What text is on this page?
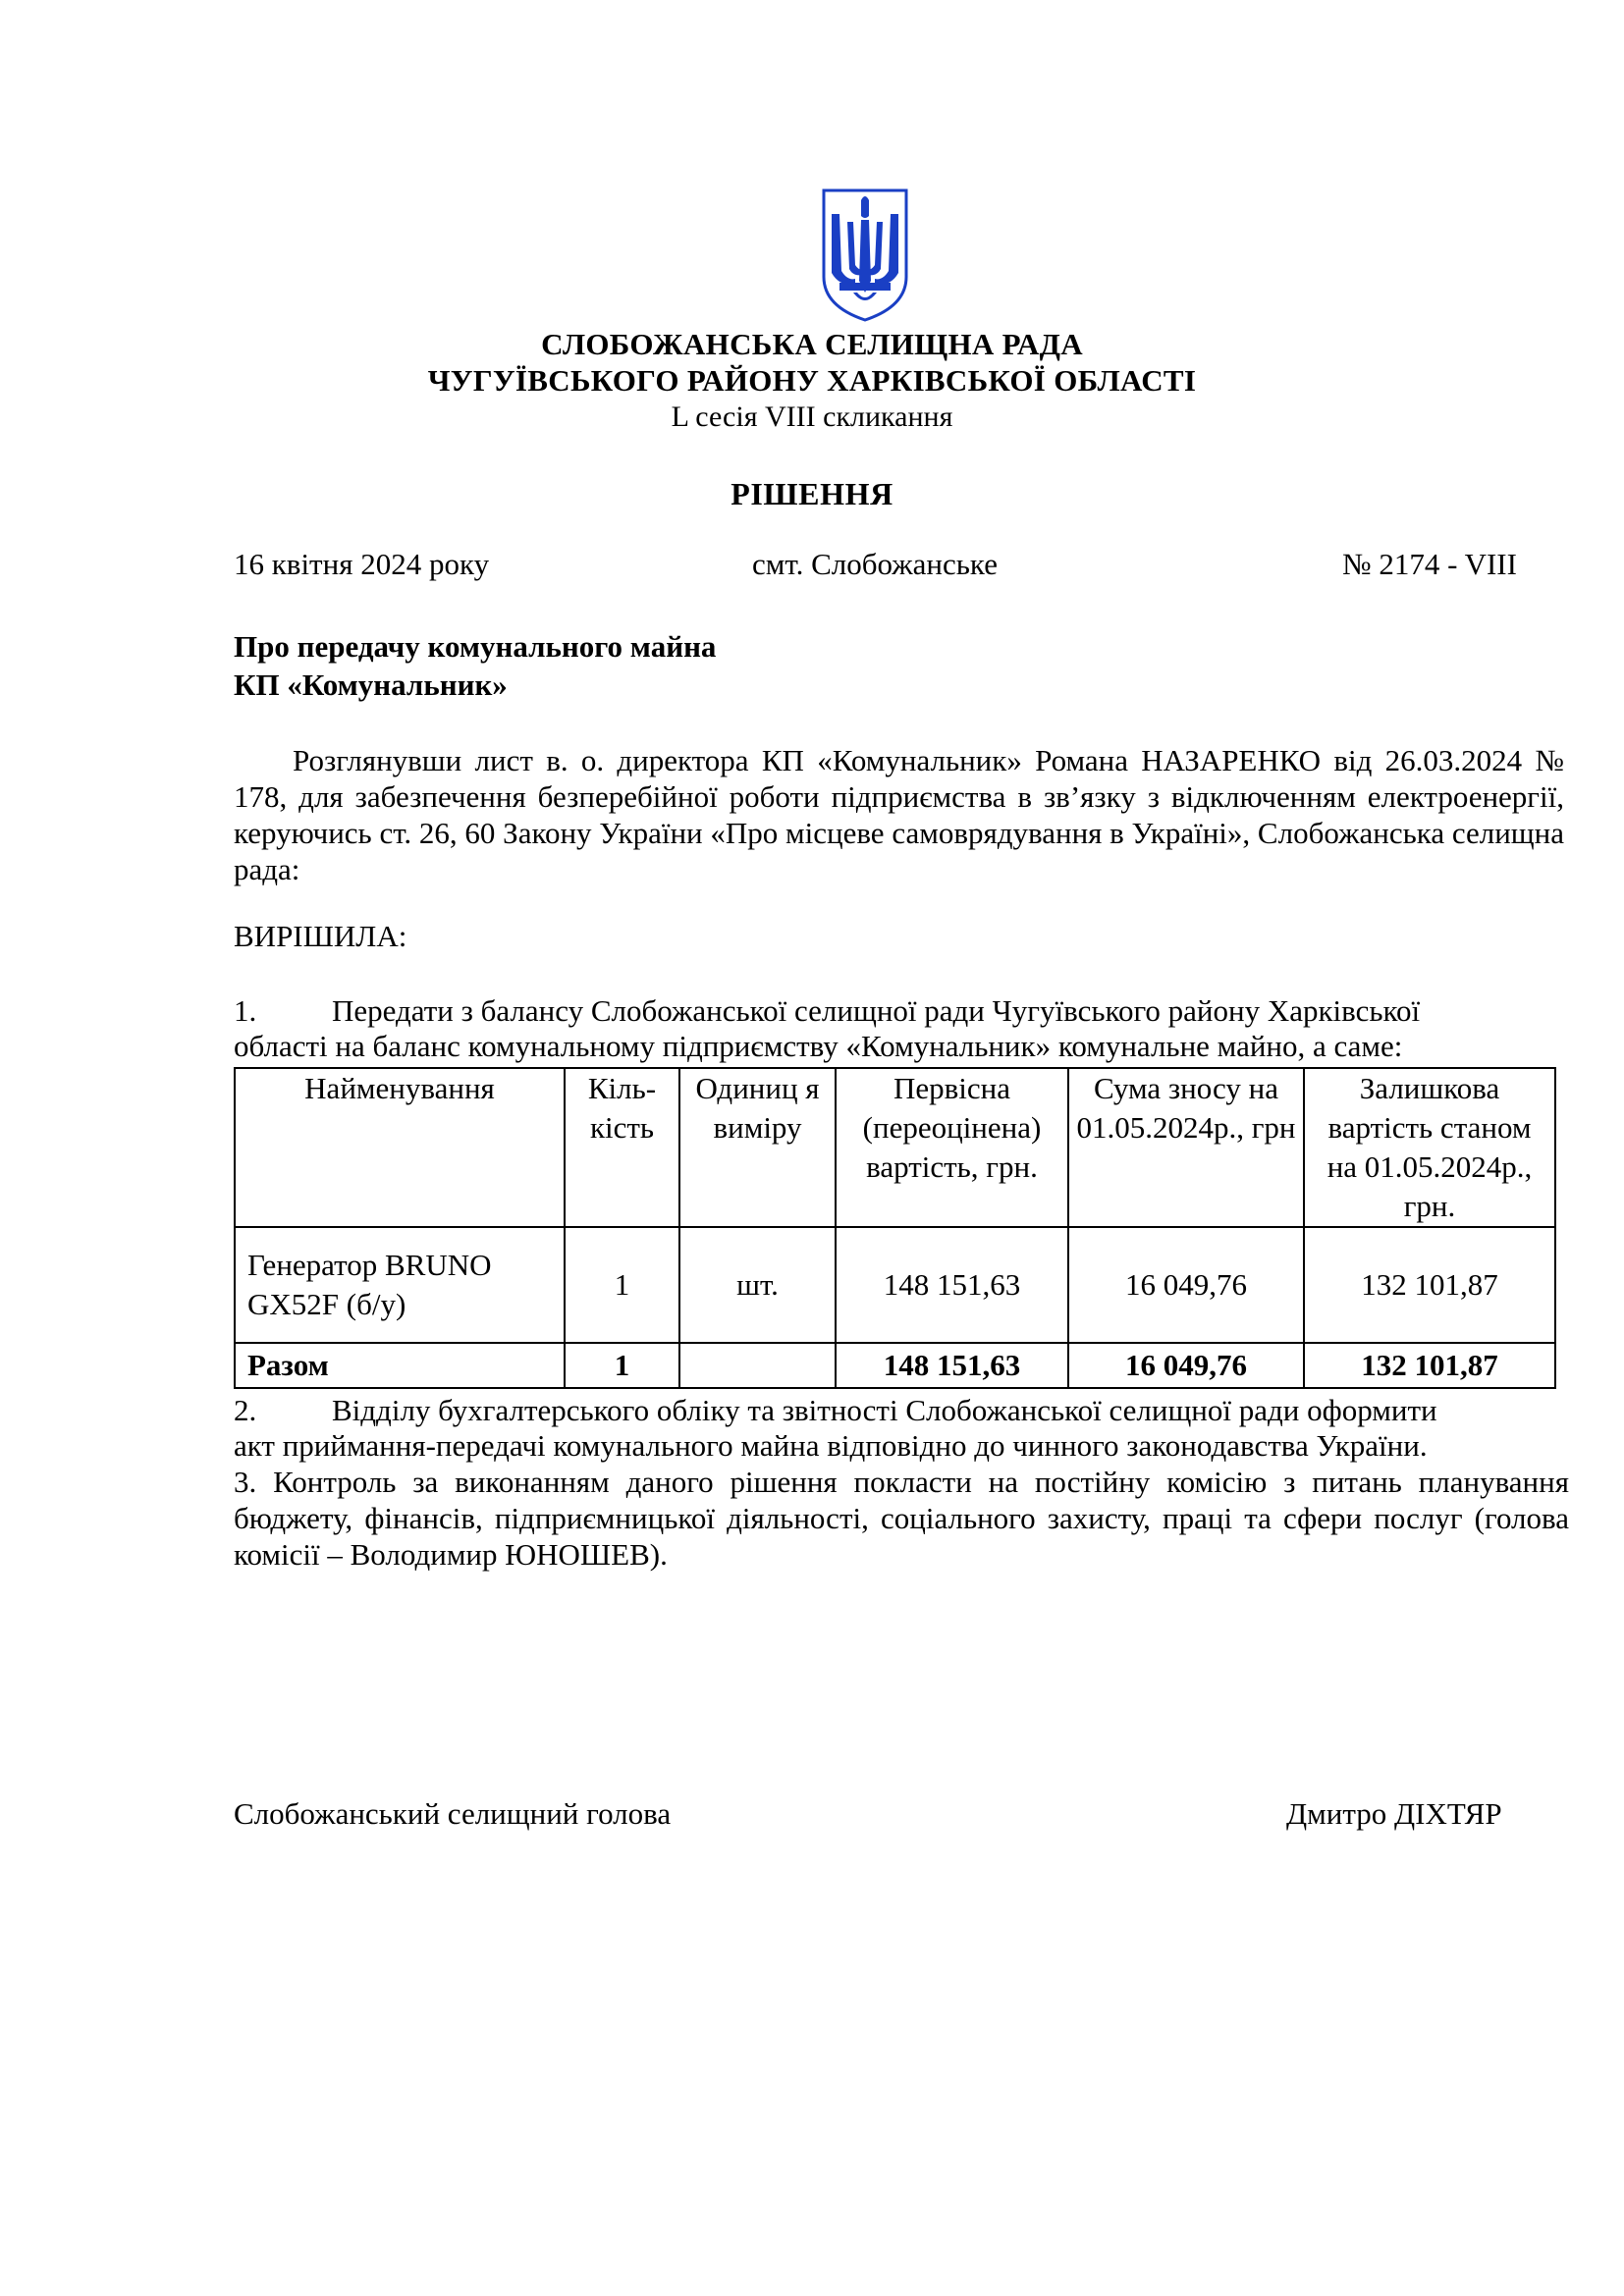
СЛОБОЖАНСЬКА СЕЛИЩНА РАДА
ЧУГУЇВСЬКОГО РАЙОНУ ХАРКІВСЬКОЇ ОБЛАСТІ
L сесія VIII скликання
РІШЕННЯ
16 квітня 2024 року	смт. Слобожанське	№ 2174 - VIII
Про передачу комунального майна
КП «Комунальник»
Розглянувши лист в. о. директора КП «Комунальник» Романа НАЗАРЕНКО від 26.03.2024 № 178, для забезпечення безперебійної роботи підприємства в зв’язку з відключенням електроенергії, керуючись ст. 26, 60 Закону України «Про місцеве самоврядування в Україні», Слобожанська селищна рада:
ВИРІШИЛА:
1. Передати з балансу Слобожанської селищної ради Чугуївського району Харківської
області на баланс комунальному підприємству «Комунальник» комунальне майно, а саме:
Найменування	Кіль-кість	Одиниц я виміру	Первісна (переоцінена) вартість, грн.	Сума зносу на 01.05.2024р., грн	Залишкова вартість станом на 01.05.2024р., грн.
Генератор BRUNO GX52F (б/у)	1	шт.	148 151,63	16 049,76	132 101,87
Разом	1		148 151,63	16 049,76	132 101,87
2. Відділу бухгалтерського обліку та звітності Слобожанської селищної ради оформити
акт приймання-передачі комунального майна відповідно до чинного законодавства України.
3. Контроль за виконанням даного рішення покласти на постійну комісію з питань планування бюджету, фінансів, підприємницької діяльності, соціального захисту, праці та сфери послуг (голова комісії – Володимир ЮНОШЕВ).
Слобожанський селищний голова	Дмитро ДІХТЯР
